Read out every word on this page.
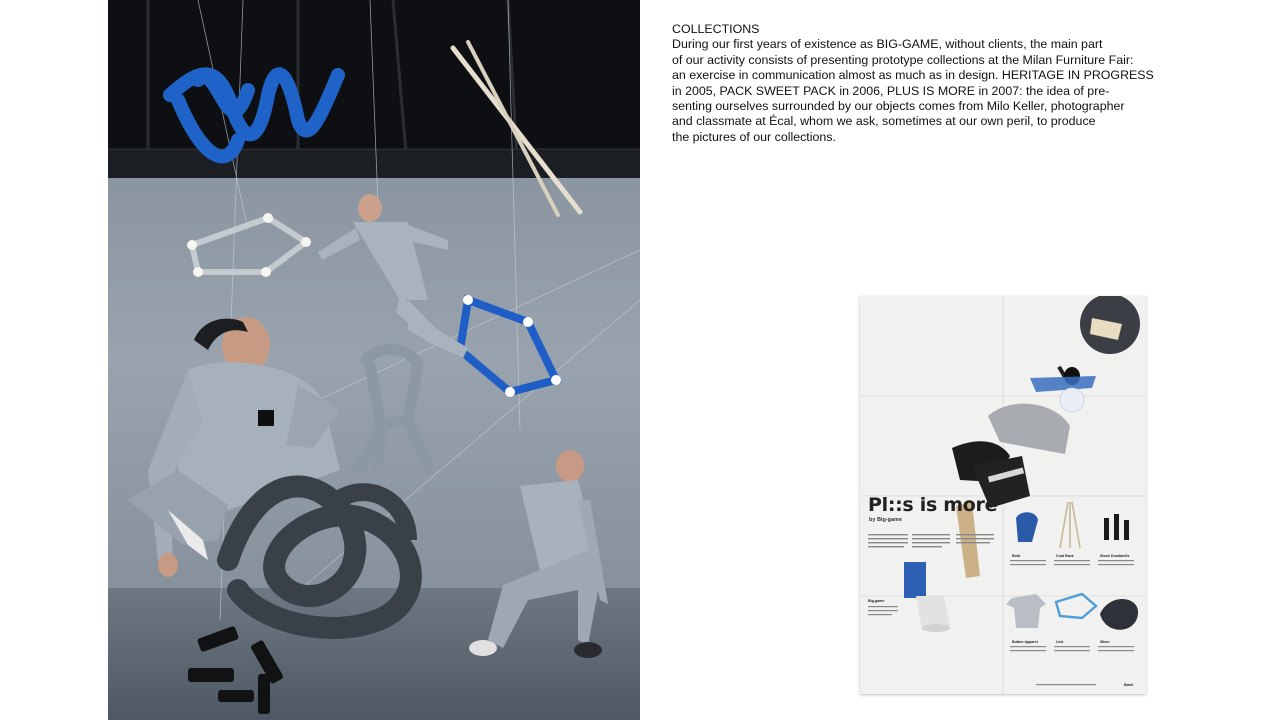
COLLECTIONS
During our first years of existence as BIG-GAME, without clients, the main part
of our activity consists of presenting prototype collections at the Milan Furniture Fair:
an exercise in communication almost as much as in design. HERITAGE IN PROGRESS
in 2005, PACK SWEET PACK in 2006, PLUS IS MORE in 2007: the idea of pre-
senting ourselves surrounded by our objects comes from Milo Keller, photographer
and classmate at Écal, whom we ask, sometimes at our own peril, to produce
the pictures of our collections.
Pl::s is more
by Big-game
Bold	Coat Rack	Stone Dumbbells
Big-game
Button Apparel	Link	Wiser
Bwel
